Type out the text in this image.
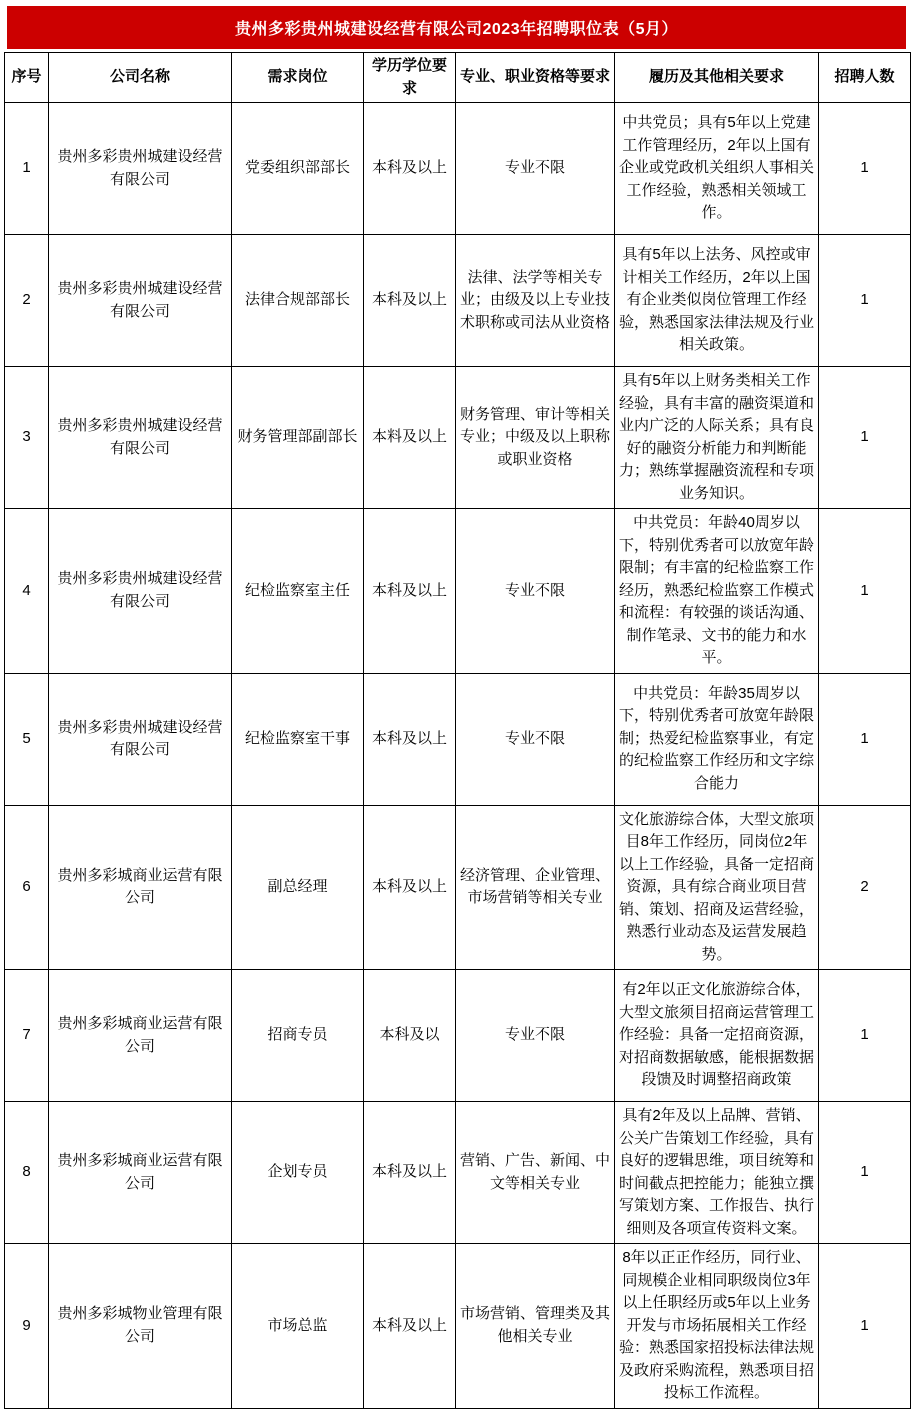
贵州多彩贵州城建设经营有限公司2023年招聘职位表（5月）
序号	公司名称	需求岗位	学历学位要求	专业、职业资格等要求	履历及其他相关要求	招聘人数
1	贵州多彩贵州城建设经营有限公司	党委组织部部长	本科及以上	专业不限	中共党员；具有5年以上党建工作管理经历，2年以上国有企业或党政机关组织人事相关工作经验，熟悉相关领域工作。	1
2	贵州多彩贵州城建设经营有限公司	法律合规部部长	本科及以上	法律、法学等相关专业；由级及以上专业技术职称或司法从业资格	具有5年以上法务、风控或审计相关工作经历，2年以上国有企业类似岗位管理工作经验，熟悉国家法律法规及行业相关政策。	1
3	贵州多彩贵州城建设经营有限公司	财务管理部副部长	本料及以上	财务管理、审计等相关专业；中级及以上职称或职业资格	具有5年以上财务类相关工作经验，具有丰富的融资渠道和业内广泛的人际关系；具有良好的融资分析能力和判断能力；熟练掌握融资流程和专项业务知识。	1
4	贵州多彩贵州城建设经营有限公司	纪检监察室主任	本科及以上	专业不限	中共党员：年龄40周岁以下，特别优秀者可以放宽年龄限制；有丰富的纪检监察工作经历，熟悉纪检监察工作模式和流程：有较强的谈话沟通、制作笔录、文书的能力和水平。	1
5	贵州多彩贵州城建设经营有限公司	纪检监察室干事	本科及以上	专业不限	中共党员：年龄35周岁以下，特别优秀者可放宽年龄限制；热爱纪检监察事业，有定的纪检监察工作经历和文字综合能力	1
6	贵州多彩城商业运营有限公司	副总经理	本科及以上	经济管理、企业管理、市场营销等相关专业	文化旅游综合体，大型文旅项目8年工作经历，同岗位2年以上工作经验，具备一定招商资源，具有综合商业项目营销、策划、招商及运营经验，熟悉行业动态及运营发展趋势。	2
7	贵州多彩城商业运营有限公司	招商专员	本科及以	专业不限	有2年以正文化旅游综合体，大型文旅须目招商运营管理工作经验：具备一定招商资源，对招商数据敏感，能根据数据段馈及时调整招商政策	1
8	贵州多彩城商业运营有限公司	企划专员	本科及以上	营销、广告、新闻、中文等相关专业	具有2年及以上品牌、营销、公关广告策划工作经验，具有良好的逻辑思维，项目统筹和时间截点把控能力；能独立撰写策划方案、工作报告、执行细则及各项宣传资料文案。	1
9	贵州多彩城物业管理有限公司	市场总监	本科及以上	市场营销、管理类及其他相关专业	8年以正正作经历，同行业、同规模企业相同职级岗位3年以上任职经历或5年以上业务开发与市场拓展相关工作经验：熟悉国家招投标法律法规及政府采购流程，熟悉项目招投标工作流程。	1
